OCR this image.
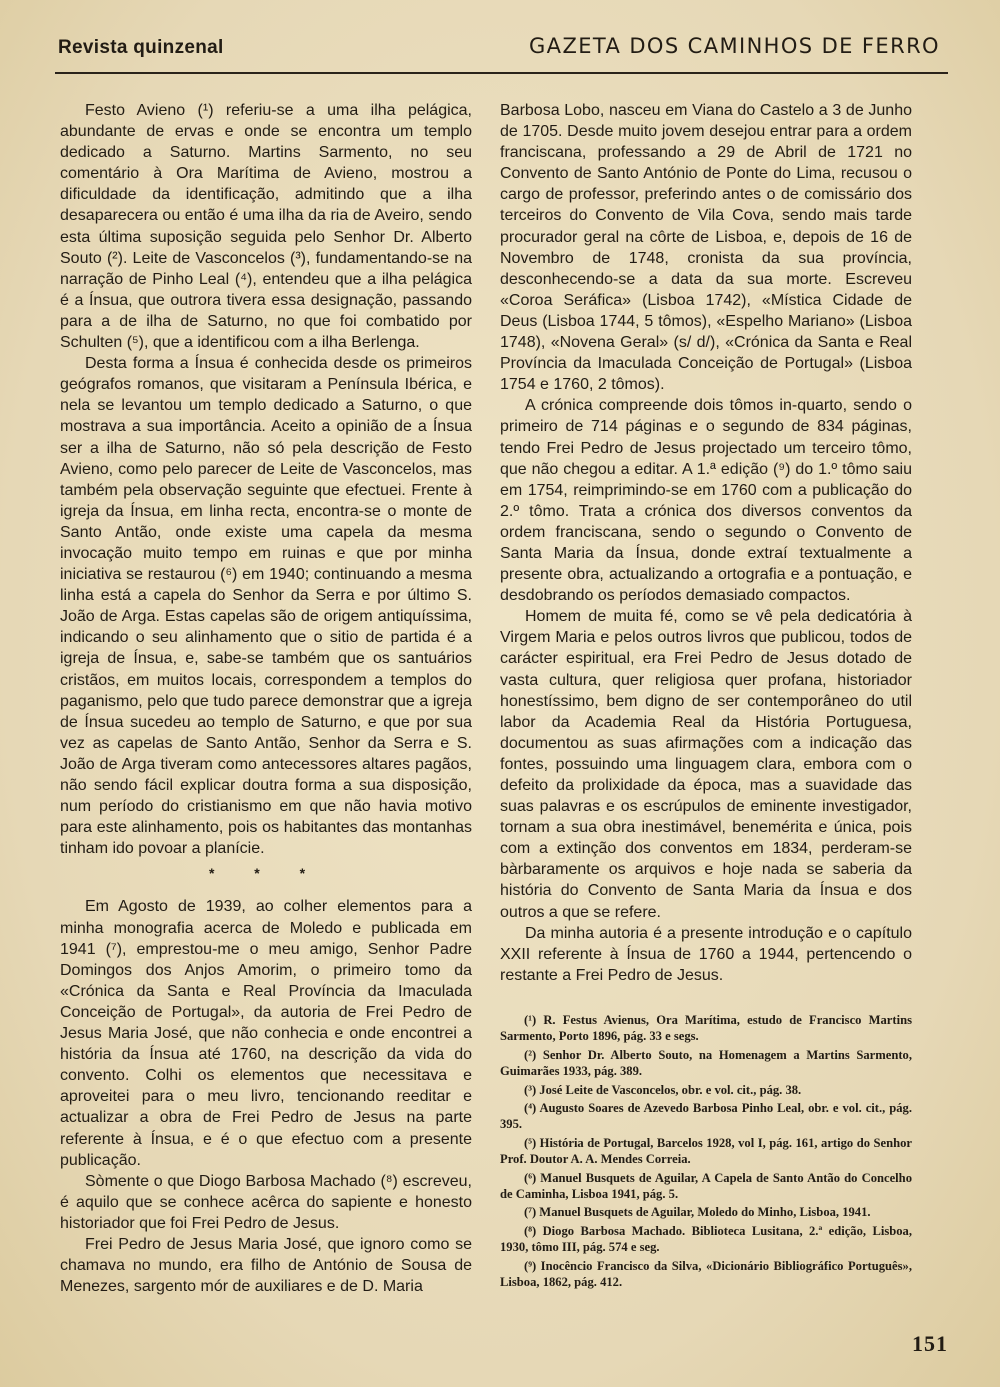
Revista quinzenal	GAZETA DOS CAMINHOS DE FERRO

Festo Avieno (¹) referiu-se a uma ilha pelágica, abundante de ervas e onde se encontra um templo dedicado a Saturno. Martins Sarmento, no seu comentário à Ora Marítima de Avieno, mostrou a dificuldade da identificação, admitindo que a ilha desaparecera ou então é uma ilha da ria de Aveiro, sendo esta última suposição seguida pelo Senhor Dr. Alberto Souto (²). Leite de Vasconcelos (³), fundamentando-se na narração de Pinho Leal (⁴), entendeu que a ilha pelágica é a Ínsua, que outrora tivera essa designação, passando para a de ilha de Saturno, no que foi combatido por Schulten (⁵), que a identificou com a ilha Berlenga.

Desta forma a Ínsua é conhecida desde os primeiros geógrafos romanos, que visitaram a Península Ibérica, e nela se levantou um templo dedicado a Saturno, o que mostrava a sua importância. Aceito a opinião de a Ínsua ser a ilha de Saturno, não só pela descrição de Festo Avieno, como pelo parecer de Leite de Vasconcelos, mas também pela observação seguinte que efectuei. Frente à igreja da Ínsua, em linha recta, encontra-se o monte de Santo Antão, onde existe uma capela da mesma invocação muito tempo em ruinas e que por minha iniciativa se restaurou (⁶) em 1940; continuando a mesma linha está a capela do Senhor da Serra e por último S. João de Arga. Estas capelas são de origem antiquíssima, indicando o seu alinhamento que o sitio de partida é a igreja de Ínsua, e, sabe-se também que os santuários cristãos, em muitos locais, correspondem a templos do paganismo, pelo que tudo parece demonstrar que a igreja de Ínsua sucedeu ao templo de Saturno, e que por sua vez as capelas de Santo Antão, Senhor da Serra e S. João de Arga tiveram como antecessores altares pagãos, não sendo fácil explicar doutra forma a sua disposição, num período do cristianismo em que não havia motivo para este alinhamento, pois os habitantes das montanhas tinham ido povoar a planície.

* * *

Em Agosto de 1939, ao colher elementos para a minha monografia acerca de Moledo e publicada em 1941 (⁷), emprestou-me o meu amigo, Senhor Padre Domingos dos Anjos Amorim, o primeiro tomo da «Crónica da Santa e Real Província da Imaculada Conceição de Portugal», da autoria de Frei Pedro de Jesus Maria José, que não conhecia e onde encontrei a história da Ínsua até 1760, na descrição da vida do convento. Colhi os elementos que necessitava e aproveitei para o meu livro, tencionando reeditar e actualizar a obra de Frei Pedro de Jesus na parte referente à Ínsua, e é o que efectuo com a presente publicação.

Sòmente o que Diogo Barbosa Machado (⁸) escreveu, é aquilo que se conhece acêrca do sapiente e honesto historiador que foi Frei Pedro de Jesus.

Frei Pedro de Jesus Maria José, que ignoro como se chamava no mundo, era filho de António de Sousa de Menezes, sargento mór de auxiliares e de D. Maria

Barbosa Lobo, nasceu em Viana do Castelo a 3 de Junho de 1705. Desde muito jovem desejou entrar para a ordem franciscana, professando a 29 de Abril de 1721 no Convento de Santo António de Ponte do Lima, recusou o cargo de professor, preferindo antes o de comissário dos terceiros do Convento de Vila Cova, sendo mais tarde procurador geral na côrte de Lisboa, e, depois de 16 de Novembro de 1748, cronista da sua província, desconhecendo-se a data da sua morte. Escreveu «Coroa Seráfica» (Lisboa 1742), «Mística Cidade de Deus (Lisboa 1744, 5 tômos), «Espelho Mariano» (Lisboa 1748), «Novena Geral» (s/ d/), «Crónica da Santa e Real Província da Imaculada Conceição de Portugal» (Lisboa 1754 e 1760, 2 tômos).

A crónica compreende dois tômos in-quarto, sendo o primeiro de 714 páginas e o segundo de 834 páginas, tendo Frei Pedro de Jesus projectado um terceiro tômo, que não chegou a editar. A 1.ª edição (⁹) do 1.º tômo saiu em 1754, reimprimindo-se em 1760 com a publicação do 2.º tômo. Trata a crónica dos diversos conventos da ordem franciscana, sendo o segundo o Convento de Santa Maria da Ínsua, donde extraí textualmente a presente obra, actualizando a ortografia e a pontuação, e desdobrando os períodos demasiado compactos.

Homem de muita fé, como se vê pela dedicatória à Virgem Maria e pelos outros livros que publicou, todos de carácter espiritual, era Frei Pedro de Jesus dotado de vasta cultura, quer religiosa quer profana, historiador honestíssimo, bem digno de ser contemporâneo do util labor da Academia Real da História Portuguesa, documentou as suas afirmações com a indicação das fontes, possuindo uma linguagem clara, embora com o defeito da prolixidade da época, mas a suavidade das suas palavras e os escrúpulos de eminente investigador, tornam a sua obra inestimável, benemérita e única, pois com a extinção dos conventos em 1834, perderam-se bàrbaramente os arquivos e hoje nada se saberia da história do Convento de Santa Maria da Ínsua e dos outros a que se refere.

Da minha autoria é a presente introdução e o capítulo XXII referente à Ínsua de 1760 a 1944, pertencendo o restante a Frei Pedro de Jesus.

(¹) R. Festus Avienus, Ora Marítima, estudo de Francisco Martins Sarmento, Porto 1896, pág. 33 e segs.
(²) Senhor Dr. Alberto Souto, na Homenagem a Martins Sarmento, Guimarães 1933, pág. 389.
(³) José Leite de Vasconcelos, obr. e vol. cit., pág. 38.
(⁴) Augusto Soares de Azevedo Barbosa Pinho Leal, obr. e vol. cit., pág. 395.
(⁵) História de Portugal, Barcelos 1928, vol I, pág. 161, artigo do Senhor Prof. Doutor A. A. Mendes Correia.
(⁶) Manuel Busquets de Aguilar, A Capela de Santo Antão do Concelho de Caminha, Lisboa 1941, pág. 5.
(⁷) Manuel Busquets de Aguilar, Moledo do Minho, Lisboa, 1941.
(⁸) Diogo Barbosa Machado. Biblioteca Lusitana, 2.ª edição, Lisboa, 1930, tômo III, pág. 574 e seg.
(⁹) Inocêncio Francisco da Silva, «Dicionário Bibliográfico Português», Lisboa, 1862, pág. 412.
151
